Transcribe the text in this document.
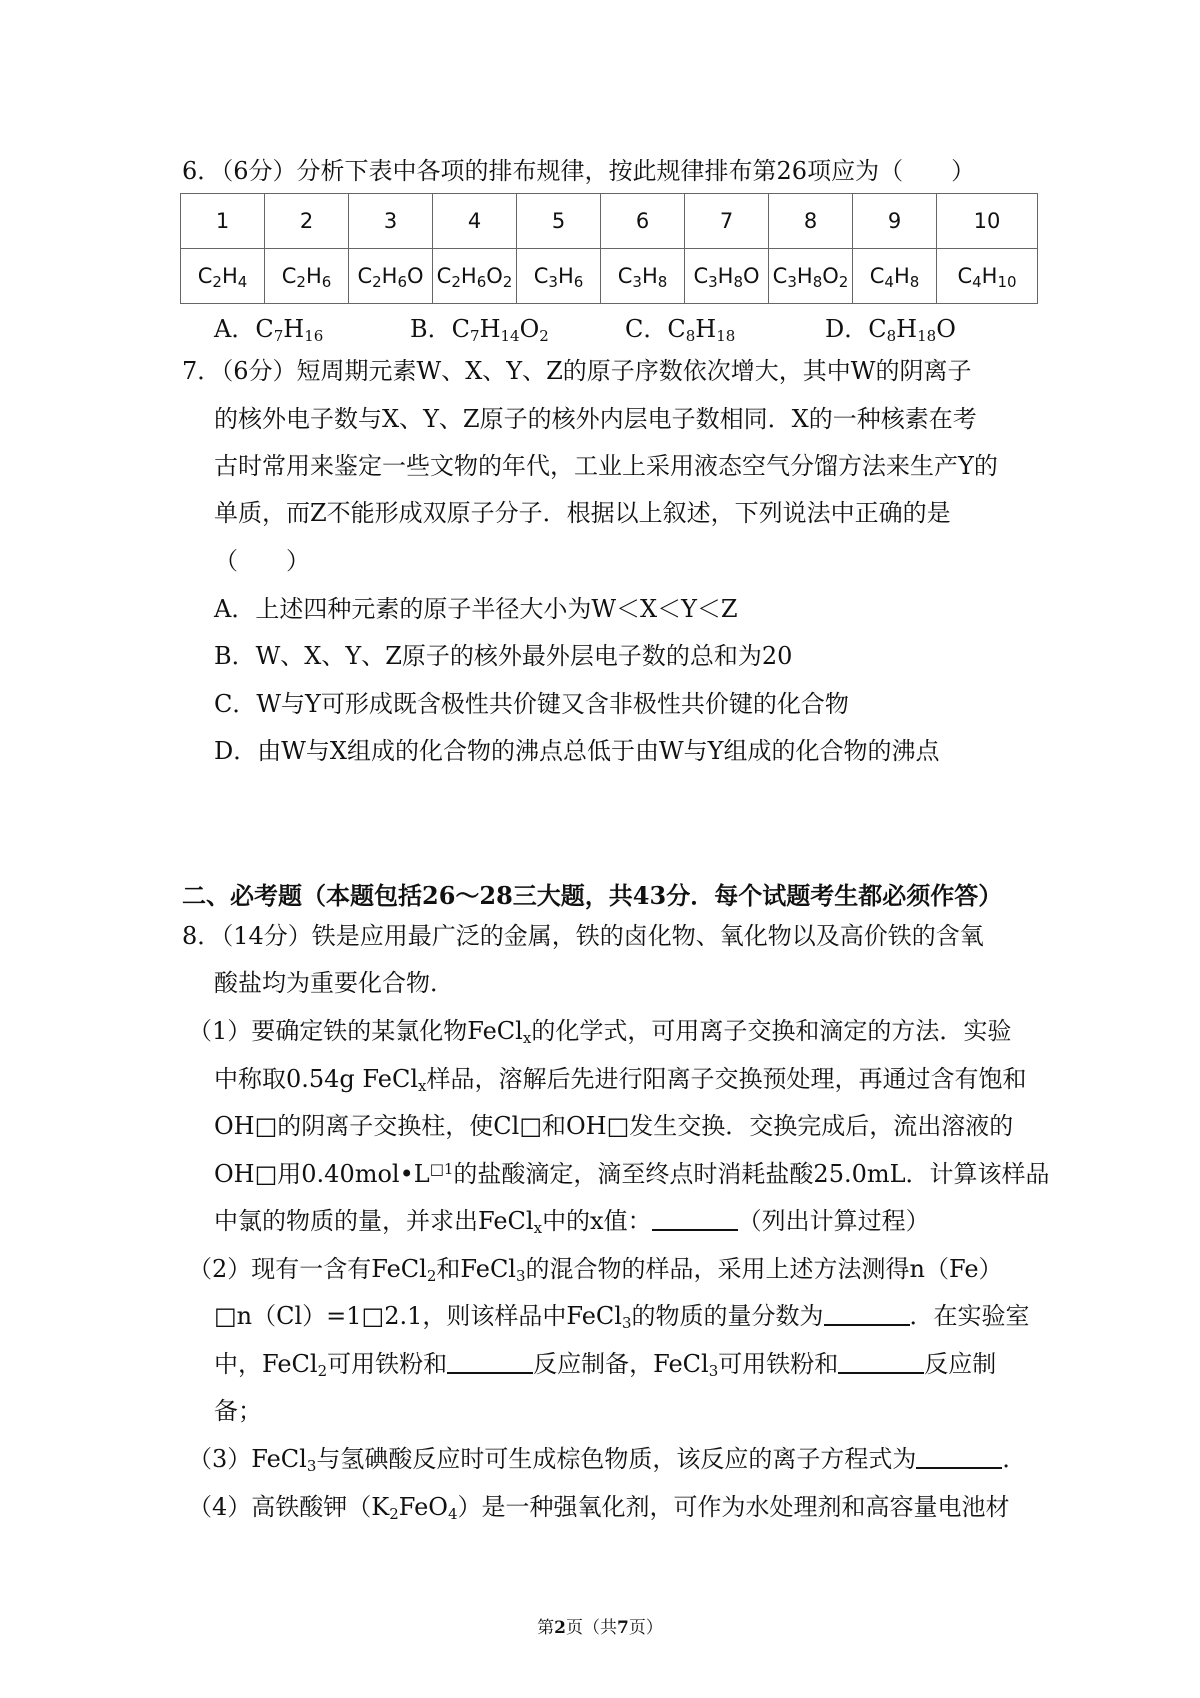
6．（6分）分析下表中各项的排布规律，按此规律排布第26项应为（　　）
1	2	3	4	5	6	7	8	9	10
$C_2H_4$	$C_2H_6$	$C_2H_6O$	$C_2H_6O_2$	$C_3H_6$	$C_3H_8$	$C_3H_8O$	$C_3H_8O_2$	$C_4H_8$	$C_4H_{10}$
A．$C_7H_{16}$	B．$C_7H_{14}O_2$	C．$C_8H_{18}$	D．$C_8H_{18}O$
7．（6分）短周期元素W、X、Y、Z的原子序数依次增大，其中W的阴离子
的核外电子数与X、Y、Z原子的核外内层电子数相同．X的一种核素在考
古时常用来鉴定一些文物的年代，工业上采用液态空气分馏方法来生产Y的
单质，而Z不能形成双原子分子．根据以上叙述，下列说法中正确的是
（　　）
A．上述四种元素的原子半径大小为W＜X＜Y＜Z
B．W、X、Y、Z原子的核外最外层电子数的总和为20
C．W与Y可形成既含极性共价键又含非极性共价键的化合物
D．由W与X组成的化合物的沸点总低于由W与Y组成的化合物的沸点
二、必考题（本题包括26～28三大题，共43分．每个试题考生都必须作答）
8．（14分）铁是应用最广泛的金属，铁的卤化物、氧化物以及高价铁的含氧
酸盐均为重要化合物．
（1）要确定铁的某氯化物FeCl$_x$的化学式，可用离子交换和滴定的方法．实验
中称取0.54g FeCl$_x$样品，溶解后先进行阳离子交换预处理，再通过含有饱和
OH□的阴离子交换柱，使Cl□和OH□发生交换．交换完成后，流出溶液的
OH□用$0.40mol•L^{□1}$的盐酸滴定，滴至终点时消耗盐酸25.0mL．计算该样品
中氯的物质的量，并求出FeCl$_x$中的x值：	（列出计算过程）
（2）现有一含有FeCl$_2$和FeCl$_3$的混合物的样品，采用上述方法测得n（Fe）
□n（Cl）=1□2.1，则该样品中FeCl$_3$的物质的量分数为	．在实验室
中，FeCl$_2$可用铁粉和	反应制备，FeCl$_3$可用铁粉和	反应制
备；
（3）FeCl$_3$与氢碘酸反应时可生成棕色物质，该反应的离子方程式为	．
（4）高铁酸钾$(K_2FeO_4)$是一种强氧化剂，可作为水处理剂和高容量电池材
第2页（共7页）
